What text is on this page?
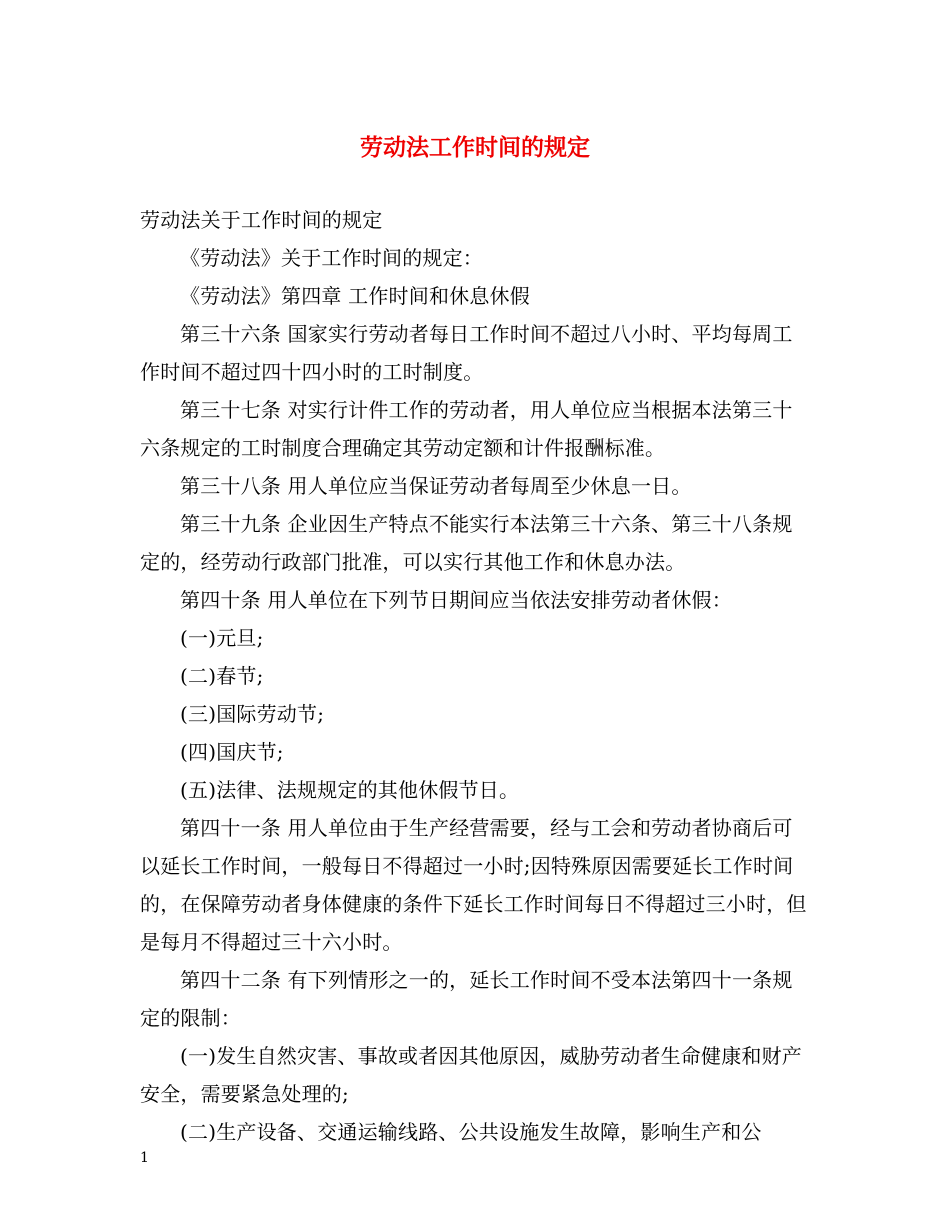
劳动法工作时间的规定

劳动法关于工作时间的规定

《劳动法》关于工作时间的规定：

《劳动法》第四章 工作时间和休息休假

第三十六条 国家实行劳动者每日工作时间不超过八小时、平均每周工作时间不超过四十四小时的工时制度。

第三十七条 对实行计件工作的劳动者，用人单位应当根据本法第三十六条规定的工时制度合理确定其劳动定额和计件报酬标准。

第三十八条 用人单位应当保证劳动者每周至少休息一日。

第三十九条 企业因生产特点不能实行本法第三十六条、第三十八条规定的，经劳动行政部门批准，可以实行其他工作和休息办法。

第四十条 用人单位在下列节日期间应当依法安排劳动者休假：

(一)元旦;

(二)春节;

(三)国际劳动节;

(四)国庆节;

(五)法律、法规规定的其他休假节日。

第四十一条 用人单位由于生产经营需要，经与工会和劳动者协商后可以延长工作时间，一般每日不得超过一小时;因特殊原因需要延长工作时间的，在保障劳动者身体健康的条件下延长工作时间每日不得超过三小时，但是每月不得超过三十六小时。

第四十二条 有下列情形之一的，延长工作时间不受本法第四十一条规定的限制：

(一)发生自然灾害、事故或者因其他原因，威胁劳动者生命健康和财产安全，需要紧急处理的;

(二)生产设备、交通运输线路、公共设施发生故障，影响生产和公

1
